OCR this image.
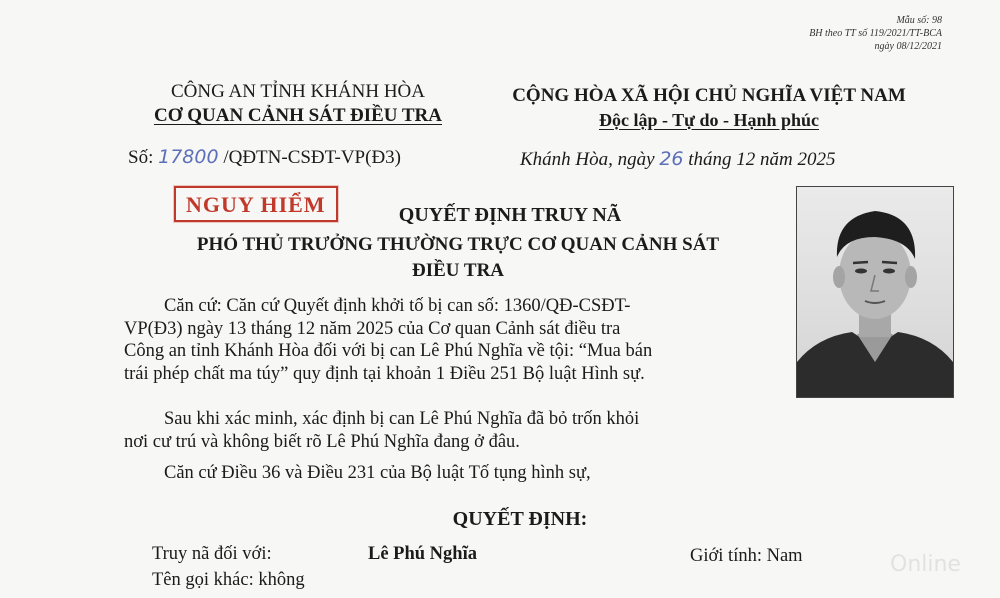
Mẫu số: 98
BH theo TT số 119/2021/TT-BCA
ngày 08/12/2021
CÔNG AN TỈNH KHÁNH HÒA
CƠ QUAN CẢNH SÁT ĐIỀU TRA
CỘNG HÒA XÃ HỘI CHỦ NGHĨA VIỆT NAM
Độc lập - Tự do - Hạnh phúc
Số: 17800 /QĐTN-CSĐT-VP(Đ3)	Khánh Hòa, ngày 26 tháng 12 năm 2025
NGUY HIỂM	QUYẾT ĐỊNH TRUY NÃ
PHÓ THỦ TRƯỞNG THƯỜNG TRỰC CƠ QUAN CẢNH SÁT
ĐIỀU TRA
Căn cứ: Căn cứ Quyết định khởi tố bị can số: 1360/QĐ-CSĐT-
VP(Đ3) ngày 13 tháng 12 năm 2025 của Cơ quan Cảnh sát điều tra
Công an tỉnh Khánh Hòa đối với bị can Lê Phú Nghĩa về tội: “Mua bán
trái phép chất ma túy” quy định tại khoản 1 Điều 251 Bộ luật Hình sự.
Sau khi xác minh, xác định bị can Lê Phú Nghĩa đã bỏ trốn khỏi
nơi cư trú và không biết rõ Lê Phú Nghĩa đang ở đâu.
Căn cứ Điều 36 và Điều 231 của Bộ luật Tố tụng hình sự,
QUYẾT ĐỊNH:
Truy nã đối với:	Lê Phú Nghĩa	Giới tính: Nam
Tên gọi khác: không
Online
